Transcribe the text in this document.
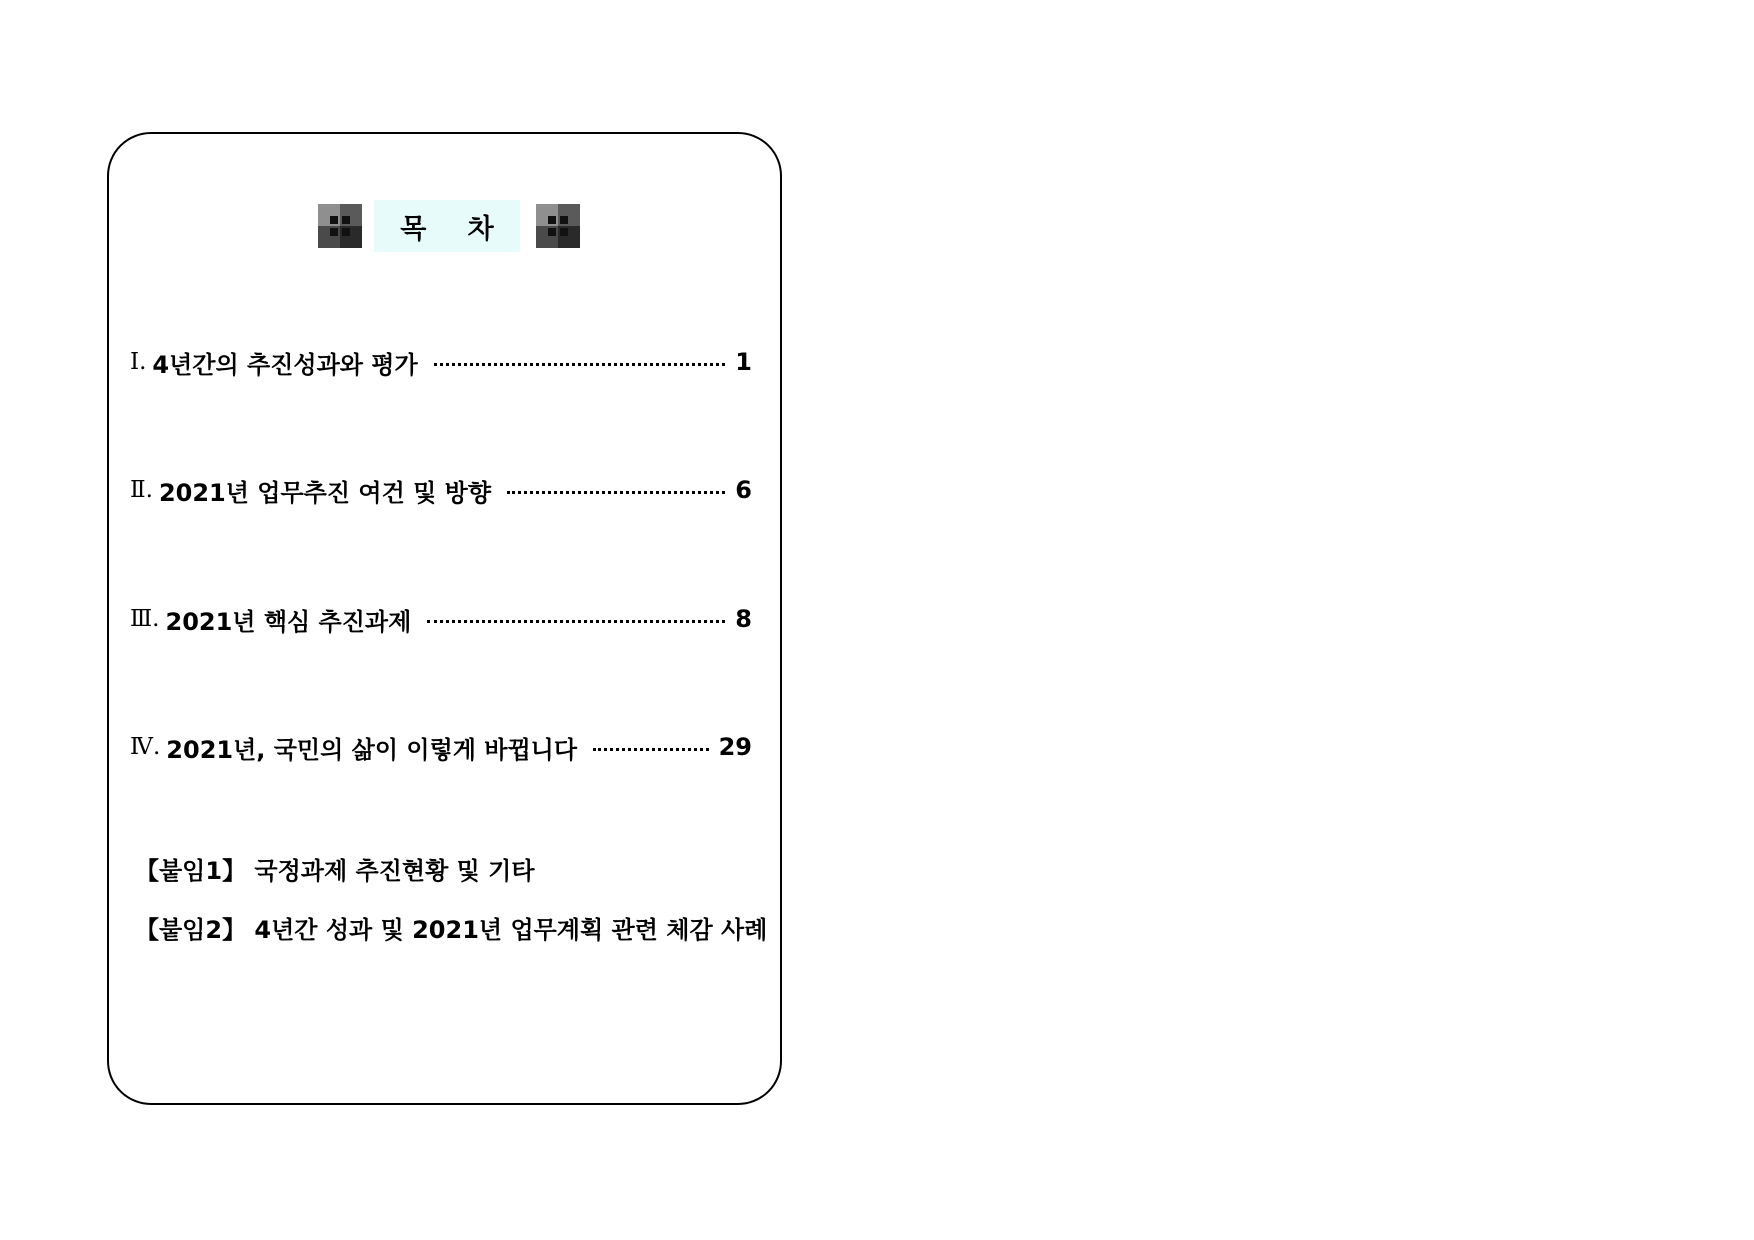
목 차
Ⅰ. 4년간의 추진성과와 평가	1
Ⅱ. 2021년 업무추진 여건 및 방향	6
Ⅲ. 2021년 핵심 추진과제	8
Ⅳ. 2021년, 국민의 삶이 이렇게 바뀝니다	29
【붙임1】 국정과제 추진현황 및 기타
【붙임2】 4년간 성과 및 2021년 업무계획 관련 체감 사례
